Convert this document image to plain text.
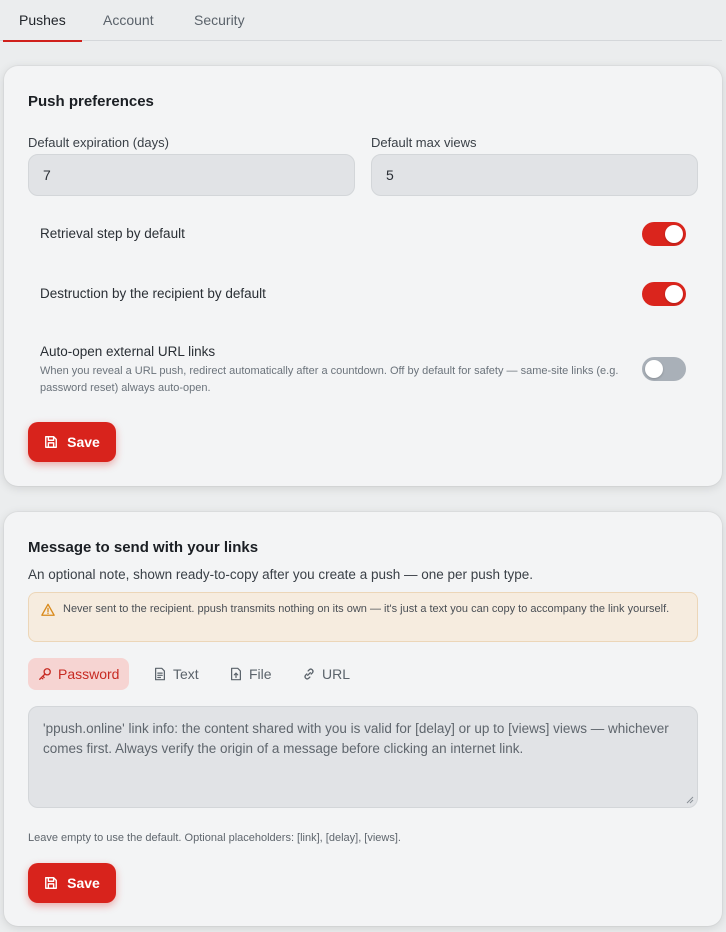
Pushes	Account	Security
Push preferences
Default expiration (days)
7
Default max views
5
Retrieval step by default
Destruction by the recipient by default
Auto-open external URL links
When you reveal a URL push, redirect automatically after a countdown. Off by default for safety — same-site links (e.g. password reset) always auto-open.
Save
Message to send with your links
An optional note, shown ready-to-copy after you create a push — one per push type.
Never sent to the recipient. ppush transmits nothing on its own — it's just a text you can copy to accompany the link yourself.
Password	Text	File	URL
'ppush.online' link info: the content shared with you is valid for [delay] or up to [views] views — whichever comes first. Always verify the origin of a message before clicking an internet link.
Leave empty to use the default. Optional placeholders: [link], [delay], [views].
Save
